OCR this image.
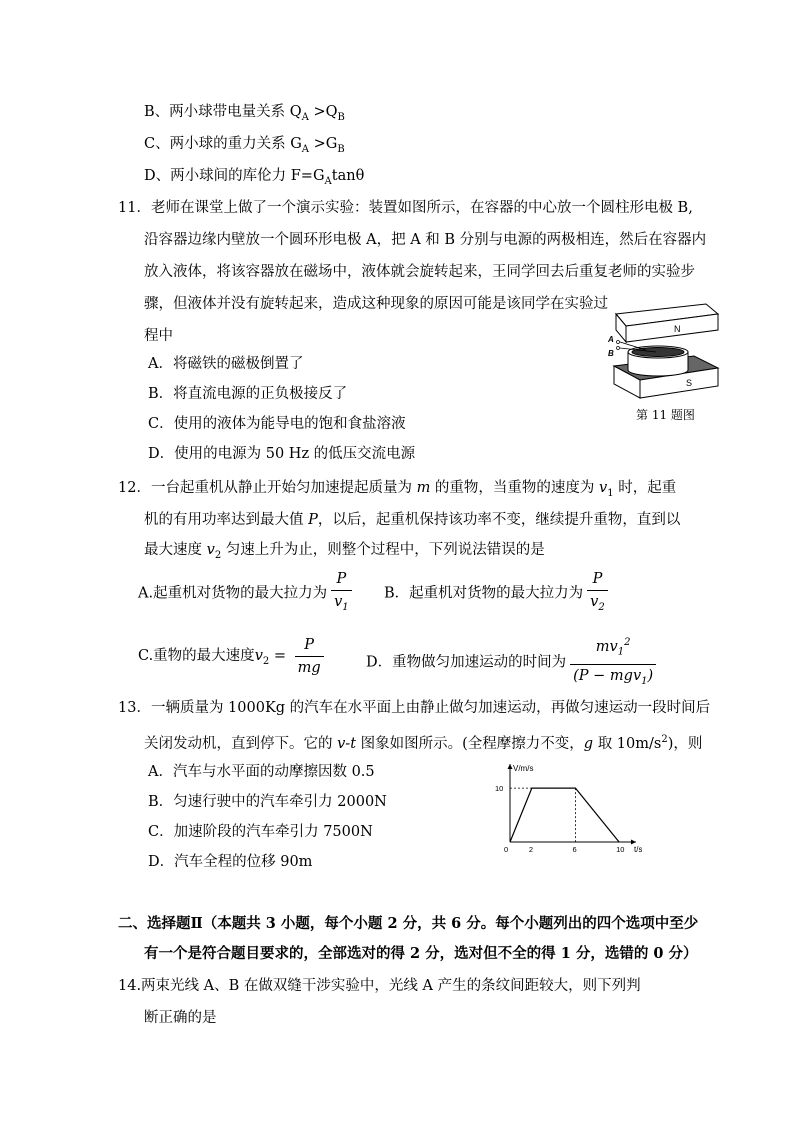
B、两小球带电量关系 $Q_A >Q_B$
C、两小球的重力关系 $G_A >G_B$
D、两小球间的库伦力 $F=G_A\tan\theta$
11．老师在课堂上做了一个演示实验：装置如图所示，在容器的中心放一个圆柱形电极 B,
沿容器边缘内壁放一个圆环形电极 A，把 A 和 B 分别与电源的两极相连，然后在容器内
放入液体，将该容器放在磁场中，液体就会旋转起来，王同学回去后重复老师的实验步
骤，但液体并没有旋转起来，造成这种现象的原因可能是该同学在实验过
程中
A．将磁铁的磁极倒置了
B．将直流电源的正负极接反了
C．使用的液体为能导电的饱和食盐溶液
D．使用的电源为 50 Hz 的低压交流电源
N
S
A
B
第 11 题图
12．一台起重机从静止开始匀加速提起质量为 m 的重物，当重物的速度为 $v_1$ 时，起重
机的有用功率达到最大值 P，以后，起重机保持该功率不变，继续提升重物，直到以
最大速度 $v_2$ 匀速上升为止，则整个过程中，下列说法错误的是
A.起重机对货物的最大拉力为 $\frac{P}{v_1}$ B．起重机对货物的最大拉力为 $\frac{P}{v_2}$
C.重物的最大速度$v_2 = \frac{P}{mg}$	D．重物做匀加速运动的时间为 $\frac{mv_1^2}{(P - mgv_1)}$
13．一辆质量为 1000Kg 的汽车在水平面上由静止做匀加速运动，再做匀速运动一段时间后
关闭发动机，直到停下。它的 v-t 图象如图所示。(全程摩擦力不变，g 取 $10m/s^2$)，则
A．汽车与水平面的动摩擦因数 0.5
B．匀速行驶中的汽车牵引力 2000N
C．加速阶段的汽车牵引力 7500N
D．汽车全程的位移 90m
V/m/s
t/s
0	2	6	10
10
二、选择题Ⅱ（本题共 3 小题，每个小题 2 分，共 6 分。每个小题列出的四个选项中至少
有一个是符合题目要求的，全部选对的得 2 分，选对但不全的得 1 分，选错的 0 分）
14.两束光线 A、B 在做双缝干涉实验中，光线 A 产生的条纹间距较大，则下列判
断正确的是
